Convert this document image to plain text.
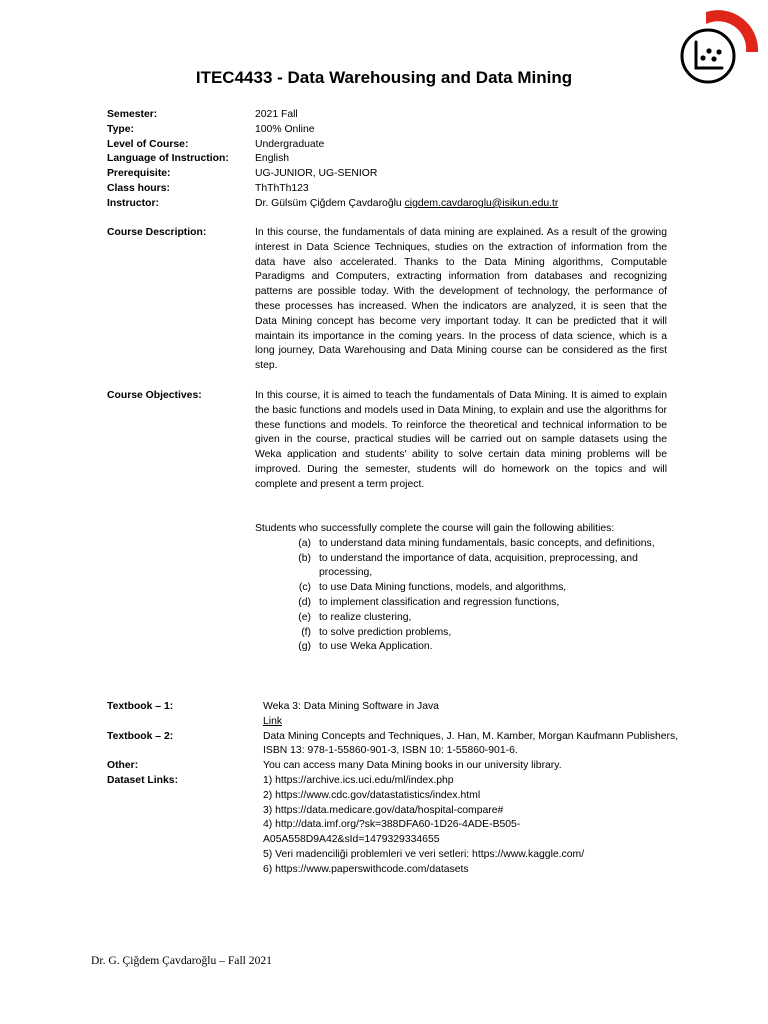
ITEC4433 - Data Warehousing and Data Mining
Semester:	2021 Fall
Type:	100% Online
Level of Course:	Undergraduate
Language of Instruction:	English
Prerequisite:	UG-JUNIOR, UG-SENIOR
Class hours:	ThThTh123
Instructor:	Dr. Gülsüm Çiğdem Çavdaroğlu cigdem.cavdaroglu@isikun.edu.tr
Course Description:	In this course, the fundamentals of data mining are explained. As a result of the growing interest in Data Science Techniques, studies on the extraction of information from the data have also accelerated. Thanks to the Data Mining algorithms, Computable Paradigms and Computers, extracting information from databases and recognizing patterns are possible today. With the development of technology, the performance of these processes has increased. When the indicators are analyzed, it is seen that the Data Mining concept has become very important today. It can be predicted that it will maintain its importance in the coming years. In the process of data science, which is a long journey, Data Warehousing and Data Mining course can be considered as the first step.
Course Objectives:	In this course, it is aimed to teach the fundamentals of Data Mining. It is aimed to explain the basic functions and models used in Data Mining, to explain and use the algorithms for these functions and models. To reinforce the theoretical and technical information to be given in the course, practical studies will be carried out on sample datasets using the Weka application and students' ability to solve certain data mining problems will be improved. During the semester, students will do homework on the topics and will complete and present a term project.
Students who successfully complete the course will gain the following abilities:
(a) to understand data mining fundamentals, basic concepts, and definitions,
(b) to understand the importance of data, acquisition, preprocessing, and processing,
(c) to use Data Mining functions, models, and algorithms,
(d) to implement classification and regression functions,
(e) to realize clustering,
(f) to solve prediction problems,
(g) to use Weka Application.
Textbook – 1:	Weka 3: Data Mining Software in Java
Link
Textbook – 2:	Data Mining Concepts and Techniques, J. Han, M. Kamber, Morgan Kaufmann Publishers, ISBN 13: 978-1-55860-901-3, ISBN 10: 1-55860-901-6.
Other:	You can access many Data Mining books in our university library.
Dataset Links:	1) https://archive.ics.uci.edu/ml/index.php
2) https://www.cdc.gov/datastatistics/index.html
3) https://data.medicare.gov/data/hospital-compare#
4) http://data.imf.org/?sk=388DFA60-1D26-4ADE-B505-A05A558D9A42&sId=1479329334655
5) Veri madenciliği problemleri ve veri setleri: https://www.kaggle.com/
6) https://www.paperswithcode.com/datasets
Dr. G. Çiğdem Çavdaroğlu – Fall 2021
